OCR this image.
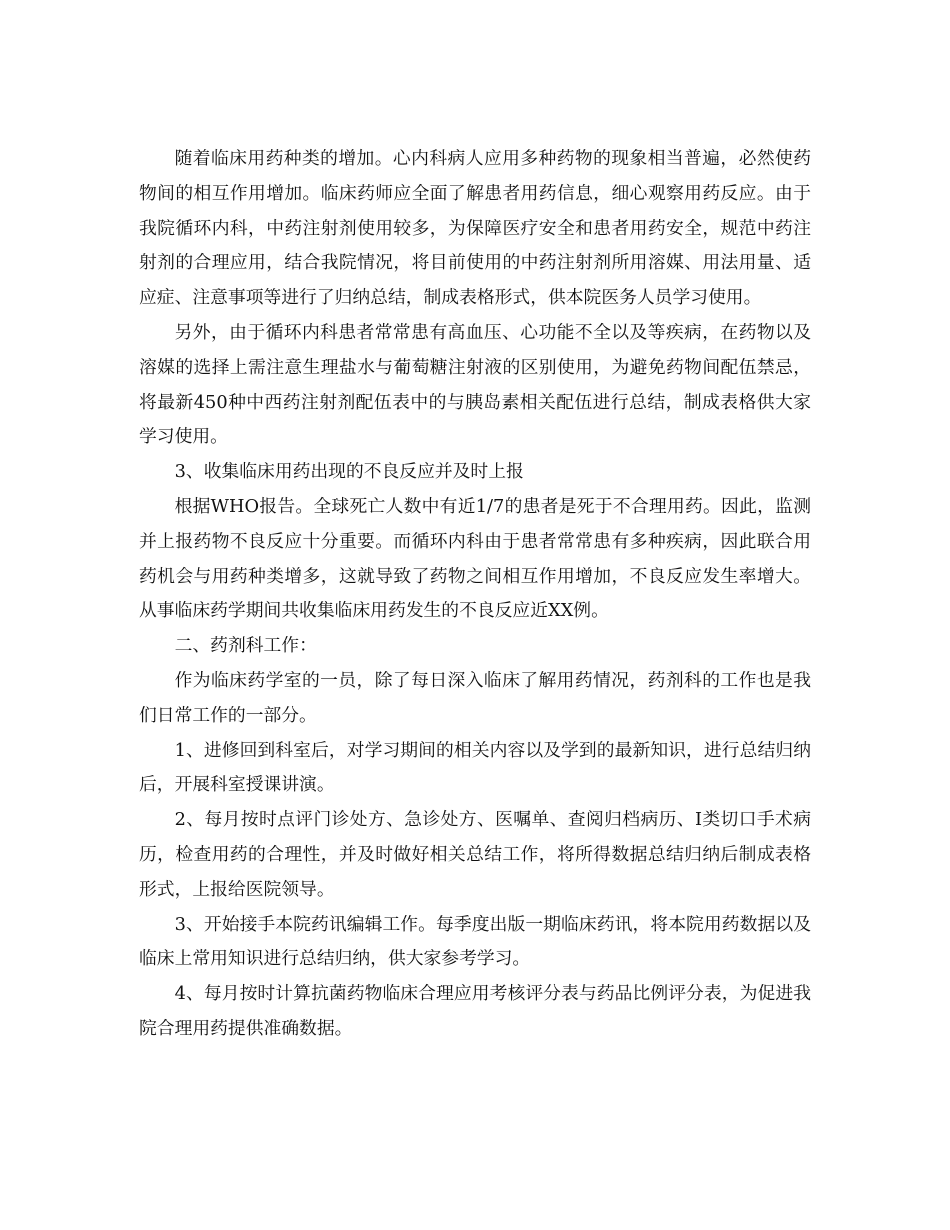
随着临床用药种类的增加。心内科病人应用多种药物的现象相当普遍，必然使药物间的相互作用增加。临床药师应全面了解患者用药信息，细心观察用药反应。由于我院循环内科，中药注射剂使用较多，为保障医疗安全和患者用药安全，规范中药注射剂的合理应用，结合我院情况，将目前使用的中药注射剂所用溶媒、用法用量、适应症、注意事项等进行了归纳总结，制成表格形式，供本院医务人员学习使用。

另外，由于循环内科患者常常患有高血压、心功能不全以及等疾病，在药物以及溶媒的选择上需注意生理盐水与葡萄糖注射液的区别使用，为避免药物间配伍禁忌，将最新450种中西药注射剂配伍表中的与胰岛素相关配伍进行总结，制成表格供大家学习使用。

3、收集临床用药出现的不良反应并及时上报

根据WHO报告。全球死亡人数中有近1/7的患者是死于不合理用药。因此，监测并上报药物不良反应十分重要。而循环内科由于患者常常患有多种疾病，因此联合用药机会与用药种类增多，这就导致了药物之间相互作用增加，不良反应发生率增大。从事临床药学期间共收集临床用药发生的不良反应近XX例。

二、药剂科工作：

作为临床药学室的一员，除了每日深入临床了解用药情况，药剂科的工作也是我们日常工作的一部分。

1、进修回到科室后，对学习期间的相关内容以及学到的最新知识，进行总结归纳后，开展科室授课讲演。

2、每月按时点评门诊处方、急诊处方、医嘱单、查阅归档病历、Ⅰ类切口手术病历，检查用药的合理性，并及时做好相关总结工作，将所得数据总结归纳后制成表格形式，上报给医院领导。

3、开始接手本院药讯编辑工作。每季度出版一期临床药讯，将本院用药数据以及临床上常用知识进行总结归纳，供大家参考学习。

4、每月按时计算抗菌药物临床合理应用考核评分表与药品比例评分表，为促进我院合理用药提供准确数据。
